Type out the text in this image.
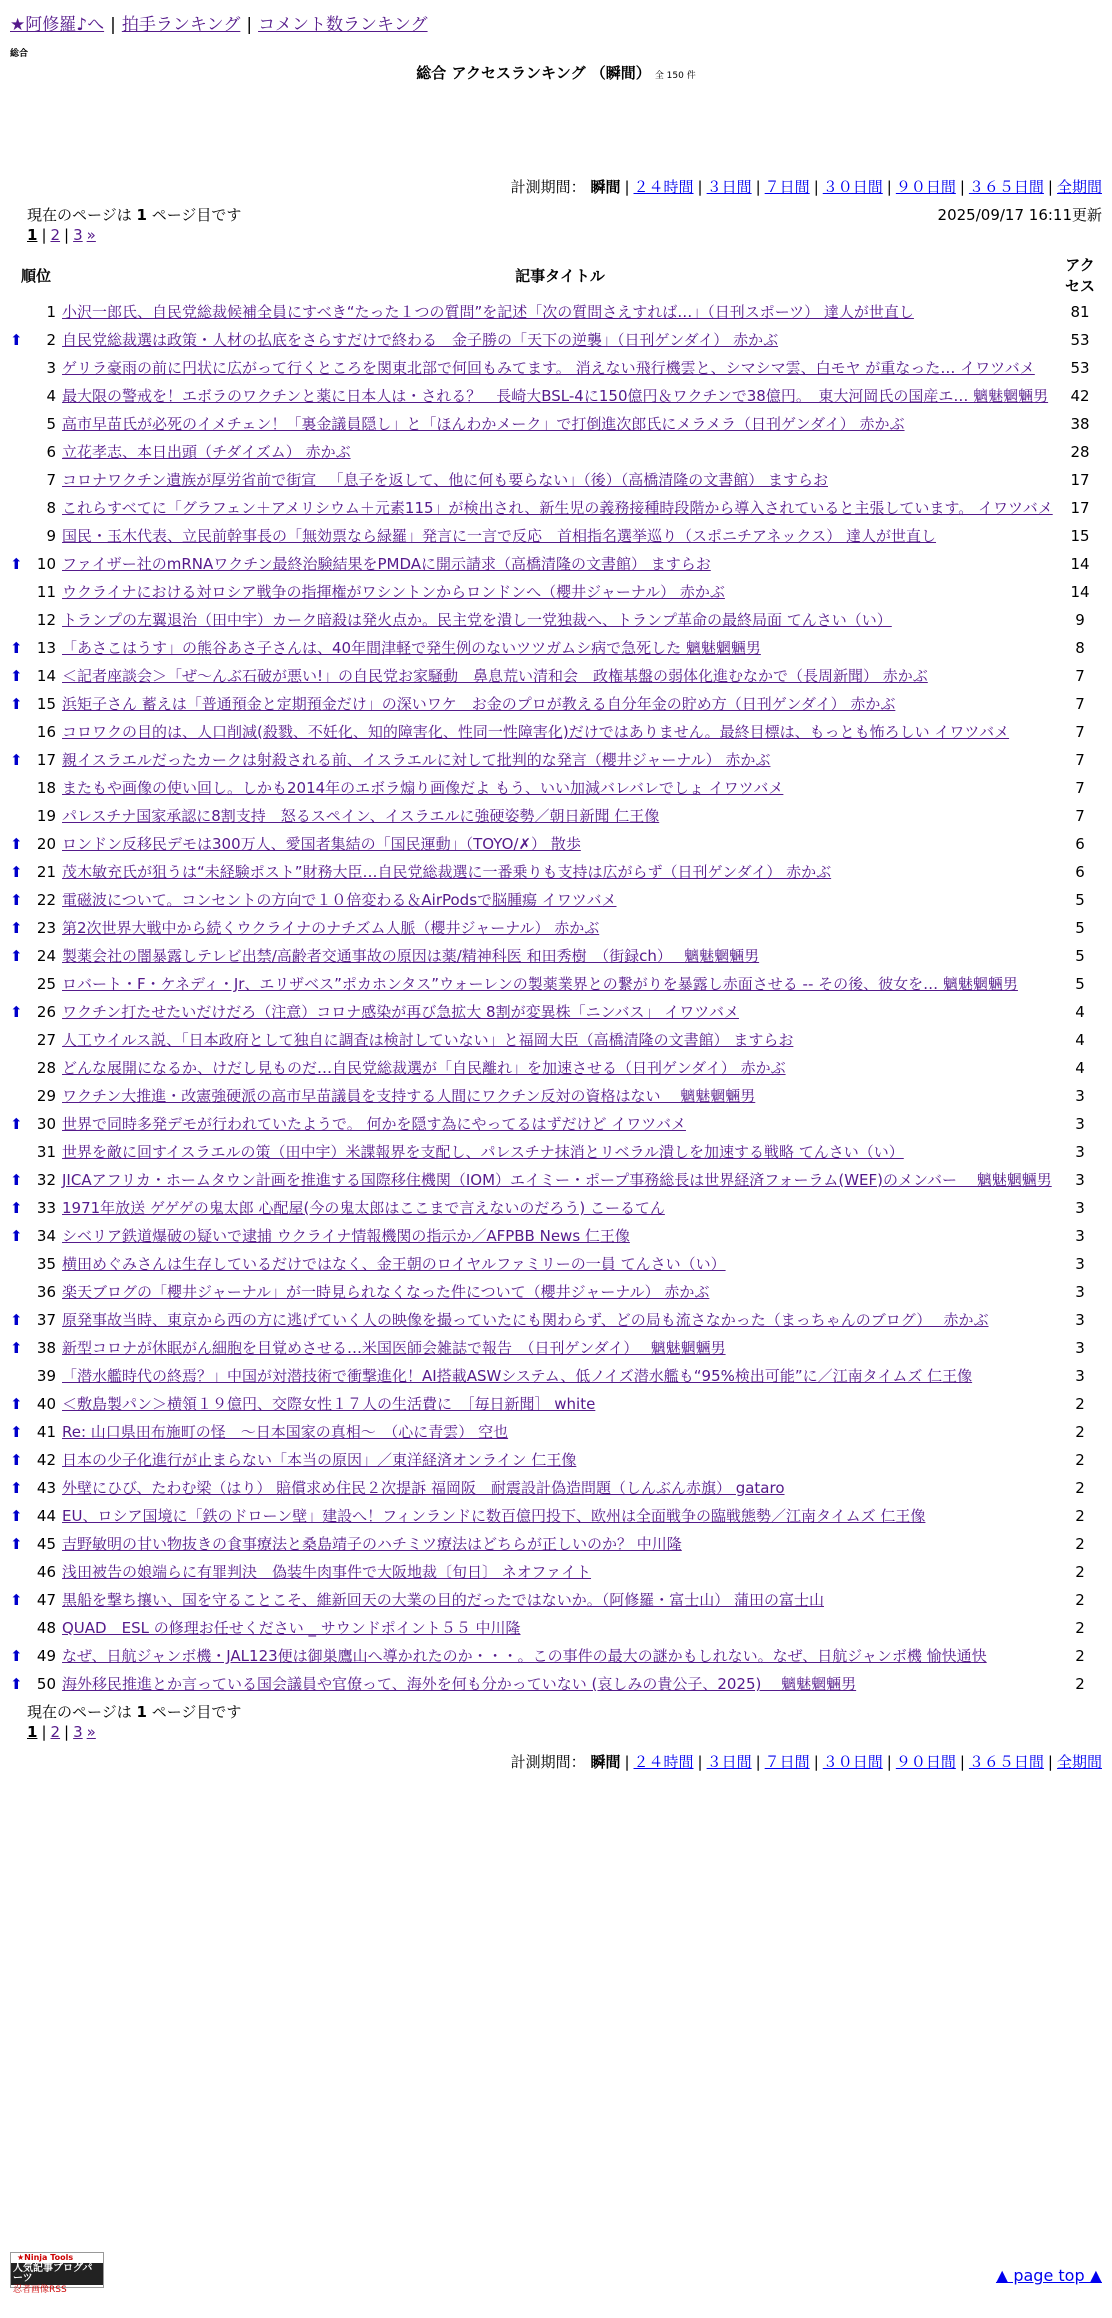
★阿修羅♪へ | 拍手ランキング | コメント数ランキング
総合
総合 アクセスランキング （瞬間） 全 150 件
計測期間： 瞬間 | ２４時間 | ３日間 | ７日間 | ３０日間 | ９０日間 | ３６５日間 | 全期間
現在のページは 1 ページ目です	2025/09/17 16:11更新
1 | 2 | 3 »
順位		記事タイトル	アクセス
	1	小沢一郎氏、自民党総裁候補全員にすべき“たった１つの質問”を記述「次の質問さえすれば…」（日刊スポーツ） 達人が世直し	81
⬆	2	自民党総裁選は政策・人材の払底をさらすだけで終わる　金子勝の「天下の逆襲」（日刊ゲンダイ） 赤かぶ	53
	3	ゲリラ豪雨の前に円状に広がって行くところを関東北部で何回もみてます。 消えない飛行機雲と、シマシマ雲、白モヤ が重なった… イワツバメ	53
	4	最大限の警戒を！エボラのワクチンと薬に日本人は・される？　長崎大BSL-4に150億円＆ワクチンで38億円。　東大河岡氏の国産エ… 魑魅魍魎男	42
	5	高市早苗氏が必死のイメチェン！「裏金議員隠し」と「ほんわかメーク」で打倒進次郎氏にメラメラ（日刊ゲンダイ） 赤かぶ	38
	6	立花孝志、本日出頭（チダイズム） 赤かぶ	28
	7	コロナワクチン遺族が厚労省前で街宣 　「息子を返して、他に何も要らない」（後）（高橋清隆の文書館） ますらお	17
	8	これらすべてに「グラフェン＋アメリシウム＋元素115」が検出され、新生児の義務接種時段階から導入されていると主張しています。 イワツバメ	17
	9	国民・玉木代表、立民前幹事長の「無効票なら緑羅」発言に一言で反応　首相指名選挙巡り（スポニチアネックス） 達人が世直し	15
⬆	10	ファイザー社のmRNAワクチン最終治験結果をPMDAに開示請求（高橋清隆の文書館） ますらお	14
	11	ウクライナにおける対ロシア戦争の指揮権がワシントンからロンドンへ（櫻井ジャーナル） 赤かぶ	14
	12	トランプの左翼退治（田中宇）カーク暗殺は発火点か。民主党を潰し一党独裁へ、トランプ革命の最終局面 てんさい（い）	9
⬆	13	「あさこはうす」の熊谷あさ子さんは、40年間津軽で発生例のないツツガムシ病で急死した 魑魅魍魎男	8
⬆	14	＜記者座談会＞「ぜ～んぶ石破が悪い!」の自民党お家騒動　鼻息荒い清和会　政権基盤の弱体化進むなかで（長周新聞） 赤かぶ	7
⬆	15	浜矩子さん 蓄えは「普通預金と定期預金だけ」の深いワケ　お金のプロが教える自分年金の貯め方（日刊ゲンダイ） 赤かぶ	7
	16	コロワクの目的は、人口削減(殺戮、不妊化、知的障害化、性同一性障害化)だけではありません。最終目標は、もっとも怖ろしい イワツバメ	7
⬆	17	親イスラエルだったカークは射殺される前、イスラエルに対して批判的な発言（櫻井ジャーナル） 赤かぶ	7
	18	またもや画像の使い回し。しかも2014年のエボラ煽り画像だよ もう、いい加減バレバレでしょ イワツバメ	7
	19	パレスチナ国家承認に8割支持　怒るスペイン、イスラエルに強硬姿勢／朝日新聞 仁王像	7
⬆	20	ロンドン反移民デモは300万人、愛国者集結の「国民運動」（TOYO/✗） 散歩	6
⬆	21	茂木敏充氏が狙うは“未経験ポスト”財務大臣…自民党総裁選に一番乗りも支持は広がらず（日刊ゲンダイ） 赤かぶ	6
⬆	22	電磁波について。コンセントの方向で１０倍変わる＆AirPodsで脳腫瘍 イワツバメ	5
⬆	23	第2次世界大戦中から続くウクライナのナチズム人脈（櫻井ジャーナル） 赤かぶ	5
⬆	24	製薬会社の闇暴露しテレビ出禁/高齢者交通事故の原因は薬/精神科医 和田秀樹　（街録ch）　 魑魅魍魎男	5
	25	ロバート・F・ケネディ・Jr、エリザベス”ポカホンタス”ウォーレンの製薬業界との繋がりを暴露し赤面させる -- その後、彼女を… 魑魅魍魎男	5
⬆	26	ワクチン打たせたいだけだろ（注意）コロナ感染が再び急拡大 8割が変異株「ニンバス」 イワツバメ	4
	27	人工ウイルス説、「日本政府として独自に調査は検討していない」と福岡大臣（高橋清隆の文書館） ますらお	4
	28	どんな展開になるか、けだし見ものだ…自民党総裁選が「自民離れ」を加速させる（日刊ゲンダイ） 赤かぶ	4
	29	ワクチン大推進・改憲強硬派の高市早苗議員を支持する人間にワクチン反対の資格はない　 魑魅魍魎男	3
⬆	30	世界で同時多発デモが行われていたようで。 何かを隠す為にやってるはずだけど イワツバメ	3
	31	世界を敵に回すイスラエルの策（田中宇）米諜報界を支配し、パレスチナ抹消とリベラル潰しを加速する戦略 てんさい（い）	3
⬆	32	JICAアフリカ・ホームタウン計画を推進する国際移住機関（IOM）エイミー・ポープ事務総長は世界経済フォーラム(WEF)のメンバー　 魑魅魍魎男	3
⬆	33	1971年放送 ゲゲゲの鬼太郎 心配屋(今の鬼太郎はここまで言えないのだろう) こーるてん	3
⬆	34	シベリア鉄道爆破の疑いで逮捕 ウクライナ情報機関の指示か／AFPBB News 仁王像	3
	35	横田めぐみさんは生存しているだけではなく、金王朝のロイヤルファミリーの一員 てんさい（い）	3
	36	楽天ブログの「櫻井ジャーナル」が一時見られなくなった件について（櫻井ジャーナル） 赤かぶ	3
⬆	37	原発事故当時、東京から西の方に逃げていく人の映像を撮っていたにも関わらず、どの局も流さなかった（まっちゃんのブログ）　 赤かぶ	3
⬆	38	新型コロナが休眠がん細胞を目覚めさせる…米国医師会雑誌で報告　（日刊ゲンダイ）　 魑魅魍魎男	3
	39	「潜水艦時代の終焉？」中国が対潜技術で衝撃進化！AI搭載ASWシステム、低ノイズ潜水艦も“95%検出可能”に／江南タイムズ 仁王像	3
⬆	40	＜敷島製パン＞横領１９億円、交際女性１７人の生活費に　［毎日新聞］ white	2
⬆	41	Re: 山口県田布施町の怪　～日本国家の真相～　（心に青雲） 空也	2
⬆	42	日本の少子化進行が止まらない「本当の原因」／東洋経済オンライン 仁王像	2
⬆	43	外壁にひび、たわむ梁（はり） 賠償求め住民２次提訴 福岡阪　耐震設計偽造問題（しんぶん赤旗） gataro	2
⬆	44	EU、ロシア国境に「鉄のドローン壁」建設へ！フィンランドに数百億円投下、欧州は全面戦争の臨戦態勢／江南タイムズ 仁王像	2
⬆	45	吉野敏明の甘い物抜きの食事療法と桑島靖子のハチミツ療法はどちらが正しいのか？ 中川隆	2
	46	浅田被告の娘端らに有罪判決　偽装牛肉事件で大阪地裁〔旬日〕 ネオファイト	2
⬆	47	黒船を撃ち攘い、国を守ることこそ、維新回天の大業の目的だったではないか。（阿修羅・富士山） 蒲田の富士山	2
	48	QUAD　ESL の修理お任せください _ サウンドポイント５５ 中川隆	2
⬆	49	なぜ、日航ジャンボ機・JAL123便は御巣鷹山へ導かれたのか・・・。この事件の最大の謎かもしれない。なぜ、日航ジャンボ機 愉快通快	2
⬆	50	海外移民推進とか言っている国会議員や官僚って、海外を何も分かっていない (哀しみの貴公子、2025)　 魑魅魍魎男	2
現在のページは 1 ページ目です
1 | 2 | 3 »
計測期間： 瞬間 | ２４時間 | ３日間 | ７日間 | ３０日間 | ９０日間 | ３６５日間 | 全期間
★Ninja Tools
人気記事ブログパーツ
忍者画像RSS
▲ page top ▲
